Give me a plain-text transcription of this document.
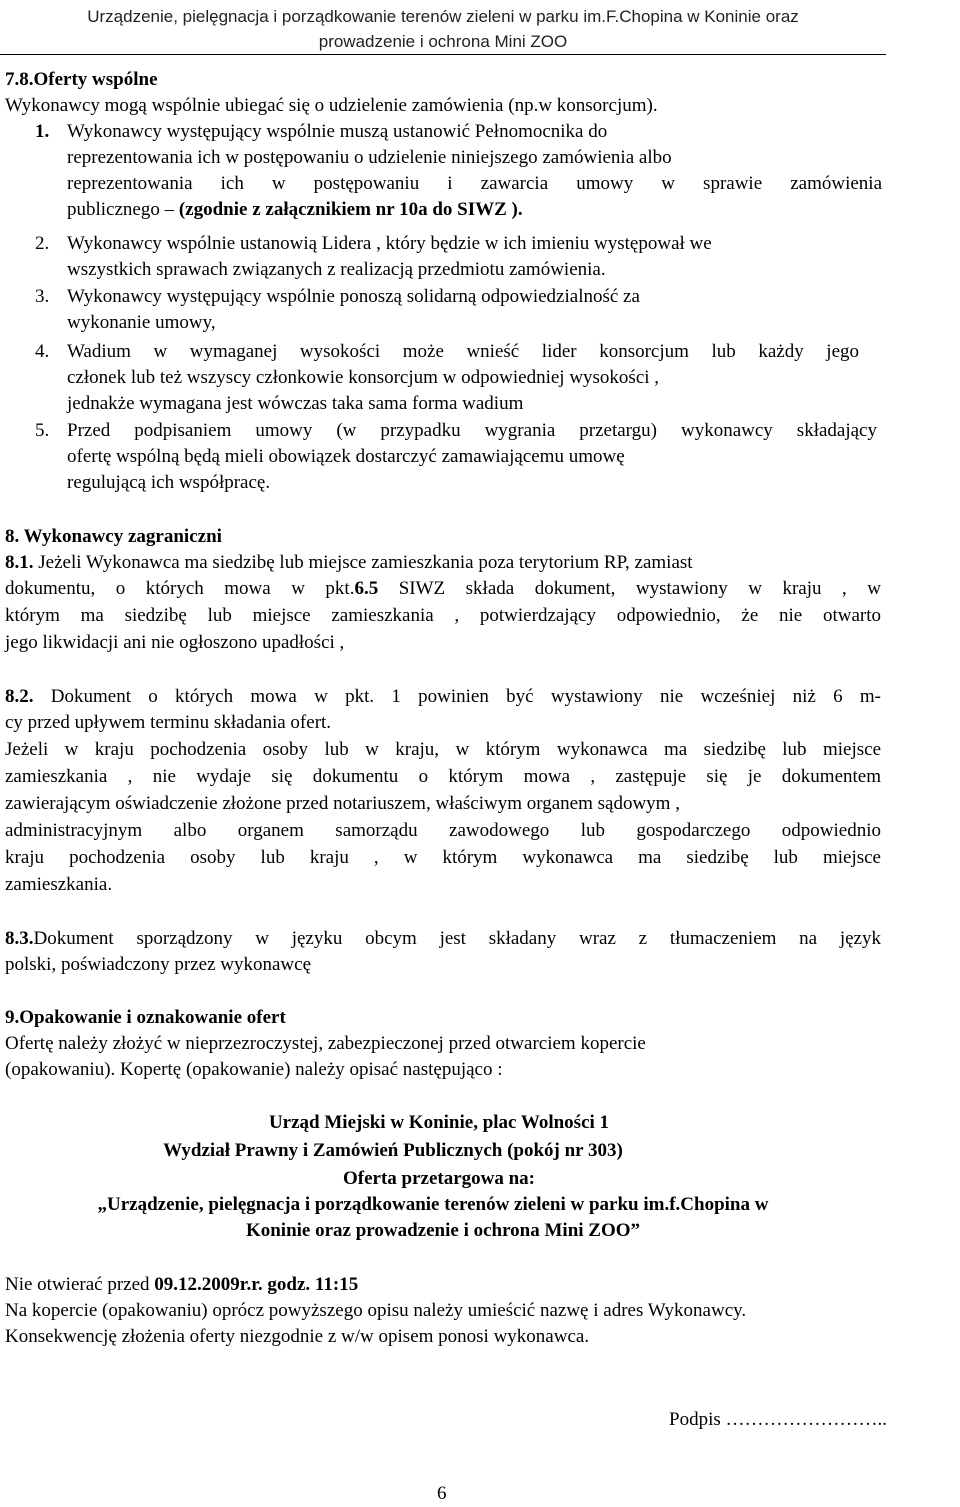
Urządzenie, pielęgnacja i porządkowanie terenów zieleni w parku im.F.Chopina w Koninie oraz
prowadzenie i ochrona Mini ZOO
7.8.Oferty wspólne
Wykonawcy mogą wspólnie ubiegać się o udzielenie zamówienia (np.w konsorcjum).
1. Wykonawcy występujący wspólnie muszą ustanowić Pełnomocnika do
reprezentowania ich w postępowaniu o udzielenie niniejszego zamówienia albo
reprezentowania ich w postępowaniu i zawarcia umowy w sprawie zamówienia
publicznego – (zgodnie z załącznikiem nr 10a do SIWZ ).
2. Wykonawcy wspólnie ustanowią Lidera , który będzie w ich imieniu występował we
wszystkich sprawach związanych z realizacją przedmiotu zamówienia.
3. Wykonawcy występujący wspólnie ponoszą solidarną odpowiedzialność za
wykonanie umowy,
4. Wadium w wymaganej wysokości może wnieść lider konsorcjum lub każdy jego
członek lub też wszyscy członkowie konsorcjum w odpowiedniej wysokości ,
jednakże wymagana jest wówczas taka sama forma wadium
5. Przed podpisaniem umowy (w przypadku wygrania przetargu) wykonawcy składający
ofertę wspólną będą mieli obowiązek dostarczyć zamawiającemu umowę
regulującą ich współpracę.
8. Wykonawcy zagraniczni
8.1. Jeżeli Wykonawca ma siedzibę lub miejsce zamieszkania poza terytorium RP, zamiast
dokumentu, o których mowa w pkt.6.5 SIWZ składa dokument, wystawiony w kraju , w
którym ma siedzibę lub miejsce zamieszkania , potwierdzający odpowiednio, że nie otwarto
jego likwidacji ani nie ogłoszono upadłości ,
8.2. Dokument o których mowa w pkt. 1 powinien być wystawiony nie wcześniej niż 6 m-
cy przed upływem terminu składania ofert.
Jeżeli w kraju pochodzenia osoby lub w kraju, w którym wykonawca ma siedzibę lub miejsce
zamieszkania , nie wydaje się dokumentu o którym mowa , zastępuje się je dokumentem
zawierającym oświadczenie złożone przed notariuszem, właściwym organem sądowym ,
administracyjnym albo organem samorządu zawodowego lub gospodarczego odpowiednio
kraju pochodzenia osoby lub kraju , w którym wykonawca ma siedzibę lub miejsce
zamieszkania.
8.3.Dokument sporządzony w języku obcym jest składany wraz z tłumaczeniem na język
polski, poświadczony przez wykonawcę
9.Opakowanie i oznakowanie ofert
Ofertę należy złożyć w nieprzezroczystej, zabezpieczonej przed otwarciem kopercie
(opakowaniu). Kopertę (opakowanie) należy opisać następująco :
Urząd Miejski w Koninie, plac Wolności 1
Wydział Prawny i Zamówień Publicznych (pokój nr 303)
Oferta przetargowa na:
„Urządzenie, pielęgnacja i porządkowanie terenów zieleni w parku im.f.Chopina w
Koninie oraz prowadzenie i ochrona Mini ZOO”
Nie otwierać przed 09.12.2009r.r. godz. 11:15
Na kopercie (opakowaniu) oprócz powyższego opisu należy umieścić nazwę i adres Wykonawcy.
Konsekwencję złożenia oferty niezgodnie z w/w opisem ponosi wykonawca.
Podpis ……………………..
6
